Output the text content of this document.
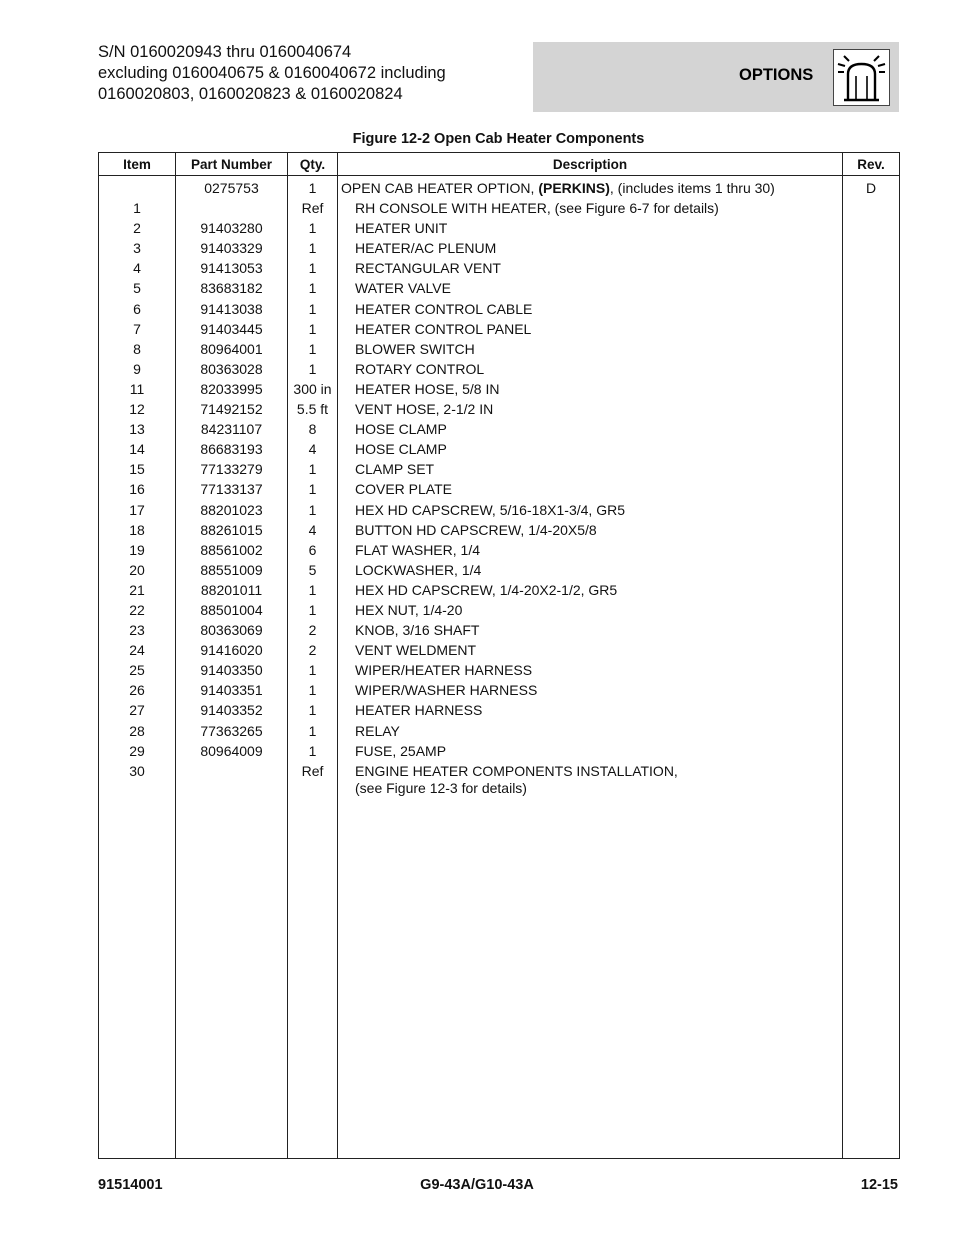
S/N 0160020943 thru 0160040674
excluding 0160040675 & 0160040672 including
0160020803, 0160020823 & 0160020824
OPTIONS
Figure 12-2 Open Cab Heater Components
Item	Part Number	Qty.	Description	Rev.
	0275753	1	OPEN CAB HEATER OPTION, (PERKINS), (includes items 1 thru 30)	D
1		Ref	RH CONSOLE WITH HEATER, (see Figure 6-7 for details)	
2	91403280	1	HEATER UNIT	
3	91403329	1	HEATER/AC PLENUM	
4	91413053	1	RECTANGULAR VENT	
5	83683182	1	WATER VALVE	
6	91413038	1	HEATER CONTROL CABLE	
7	91403445	1	HEATER CONTROL PANEL	
8	80964001	1	BLOWER SWITCH	
9	80363028	1	ROTARY CONTROL	
11	82033995	300 in	HEATER HOSE, 5/8 IN	
12	71492152	5.5 ft	VENT HOSE, 2-1/2 IN	
13	84231107	8	HOSE CLAMP	
14	86683193	4	HOSE CLAMP	
15	77133279	1	CLAMP SET	
16	77133137	1	COVER PLATE	
17	88201023	1	HEX HD CAPSCREW, 5/16-18X1-3/4, GR5	
18	88261015	4	BUTTON HD CAPSCREW, 1/4-20X5/8	
19	88561002	6	FLAT WASHER, 1/4	
20	88551009	5	LOCKWASHER, 1/4	
21	88201011	1	HEX HD CAPSCREW, 1/4-20X2-1/2, GR5	
22	88501004	1	HEX NUT, 1/4-20	
23	80363069	2	KNOB, 3/16 SHAFT	
24	91416020	2	VENT WELDMENT	
25	91403350	1	WIPER/HEATER HARNESS	
26	91403351	1	WIPER/WASHER HARNESS	
27	91403352	1	HEATER HARNESS	
28	77363265	1	RELAY	
29	80964009	1	FUSE, 25AMP	
30		Ref	ENGINE HEATER COMPONENTS INSTALLATION,
(see Figure 12-3 for details)	

91514001	G9-43A/G10-43A	12-15
